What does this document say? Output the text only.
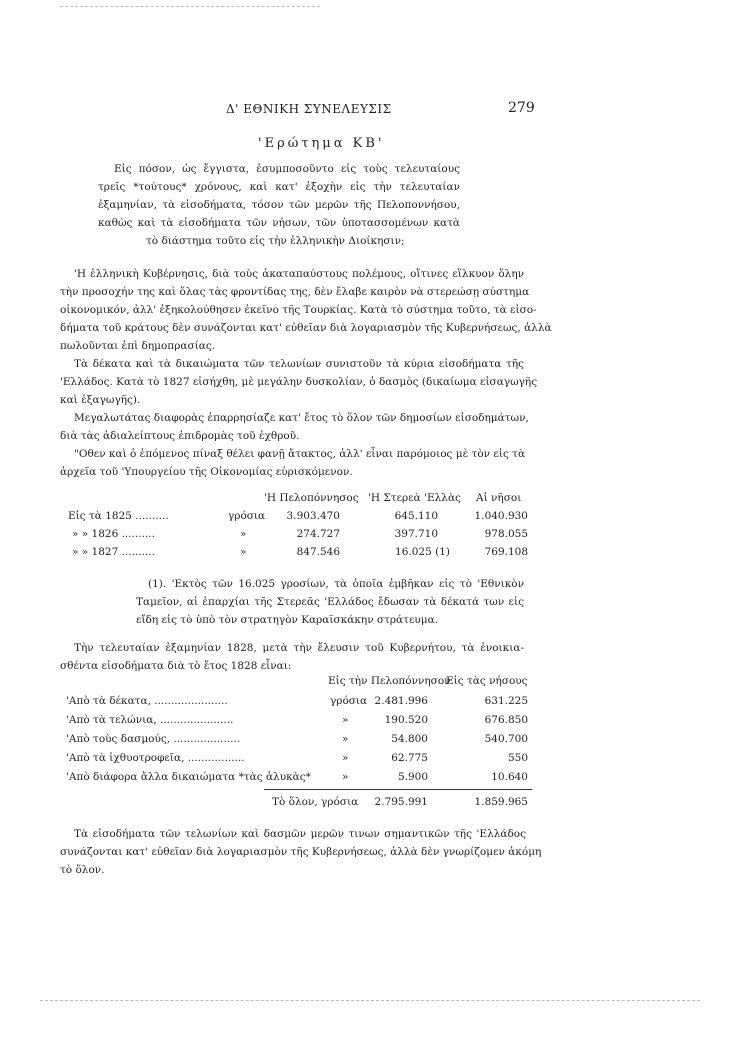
Δ' ΕΘΝΙΚΗ ΣΥΝΕΛΕΥΣΙΣ	279
'Ερώτημα ΚΒ'
Εἰς πόσον, ὡς ἔγγιστα, ἐσυμποσοῦντο εἰς τοὺς τελευταίους
τρεῖς *τούτους* χρόνους, καὶ κατ' ἐξοχὴν εἰς τὴν τελευταίαν
ἐξαμηνίαν, τὰ εἰσοδήματα, τόσον τῶν μερῶν τῆς Πελοποννήσου,
καθὼς καὶ τὰ εἰσοδήματα τῶν νήσων, τῶν ὑποτασσομένων κατὰ
τὸ διάστημα τοῦτο εἰς τὴν ἑλληνικὴν Διοίκησιν;
'Η ἑλληνικὴ Κυβέρνησις, διὰ τοὺς ἀκαταπαύστους πολέμους, οἵτινες εἵλκυον ὅλην
τὴν προσοχήν της καὶ ὅλας τὰς φροντίδας της, δὲν ἔλαβε καιρὸν νὰ στερεώσῃ σύστημα
οἰκονομικόν, ἀλλ' ἐξηκολούθησεν ἐκεῖνο τῆς Τουρκίας. Κατὰ τὸ σύστημα τοῦτο, τὰ εἰσο-
δήματα τοῦ κράτους δὲν συνάζονται κατ' εὐθεῖαν διὰ λογαριασμὸν τῆς Κυβερνήσεως, ἀλλὰ
πωλοῦνται ἐπὶ δημοπρασίας.
Τὰ δέκατα καὶ τὰ δικαιώματα τῶν τελωνίων συνιστοῦν τὰ κύρια εἰσοδήματα τῆς
'Ελλάδος. Κατὰ τὸ 1827 εἰσήχθη, μὲ μεγάλην δυσκολίαν, ὁ δασμὸς (δικαίωμα εἰσαγωγῆς
καὶ ἐξαγωγῆς).
Μεγαλωτάτας διαφορὰς ἐπαρρησίαζε κατ' ἔτος τὸ ὅλον τῶν δημοσίων εἰσοδημάτων,
διὰ τὰς ἀδιαλείπτους ἐπιδρομὰς τοῦ ἐχθροῦ.
"Οθεν καὶ ὁ ἑπόμενος πίναξ θέλει φανῇ ἄτακτος, ἀλλ' εἶναι παρόμοιος μὲ τὸν εἰς τὰ
ἀρχεῖα τοῦ 'Υπουργείου τῆς Οἰκονομίας εὑρισκόμενον.
'Η Πελοπόννησος 'Η Στερεὰ 'Ελλὰς Αἱ νῆσοι
Εἰς τὰ 1825 ..........	γρόσια	3.903.470	645.110	1.040.930
» » 1826 ..........	»	274.727	397.710	978.055
» » 1827 ..........	»	847.546	16.025 (1)	769.108
(1). 'Εκτὸς τῶν 16.025 γροσίων, τὰ ὁποῖα ἐμβῆκαν εἰς τὸ 'Εθνικὸν
Ταμεῖον, αἱ ἐπαρχίαι τῆς Στερεᾶς 'Ελλάδος ἔδωσαν τὰ δέκατά των εἰς
εἴδη εἰς τὸ ὑπὸ τὸν στρατηγὸν Καραϊσκάκην στράτευμα.
Τὴν τελευταίαν ἑξαμηνίαν 1828, μετὰ τὴν ἔλευσιν τοῦ Κυβερνήτου, τὰ ἐνοικια-
σθέντα εἰσοδήματα διὰ τὸ ἔτος 1828 εἶναι:
Εἰς τὴν Πελοπόννησον
Εἰς τὰς νήσους
'Απὸ τὰ δέκατα, ......................	γρόσια 2.481.996	631.225
'Απὸ τὰ τελώνια, ......................	»	190.520	676.850
'Απὸ τοὺς δασμούς, ....................	»	54.800	540.700
'Απὸ τὰ ἰχθυοτροφεῖα, .................	»	62.775	550
'Απὸ διάφορα ἄλλα δικαιώματα *τὰς ἁλυκὰς*	»	5.900	10.640
Τὸ ὅλον, γρόσια	2.795.991	1.859.965
Τὰ εἰσοδήματα τῶν τελωνίων καὶ δασμῶν μερῶν τινων σημαντικῶν τῆς 'Ελλάδος
συνάζονται κατ' εὐθεῖαν διὰ λογαριασμὸν τῆς Κυβερνήσεως, ἀλλὰ δὲν γνωρίζομεν ἀκόμη
τὸ ὅλον.
